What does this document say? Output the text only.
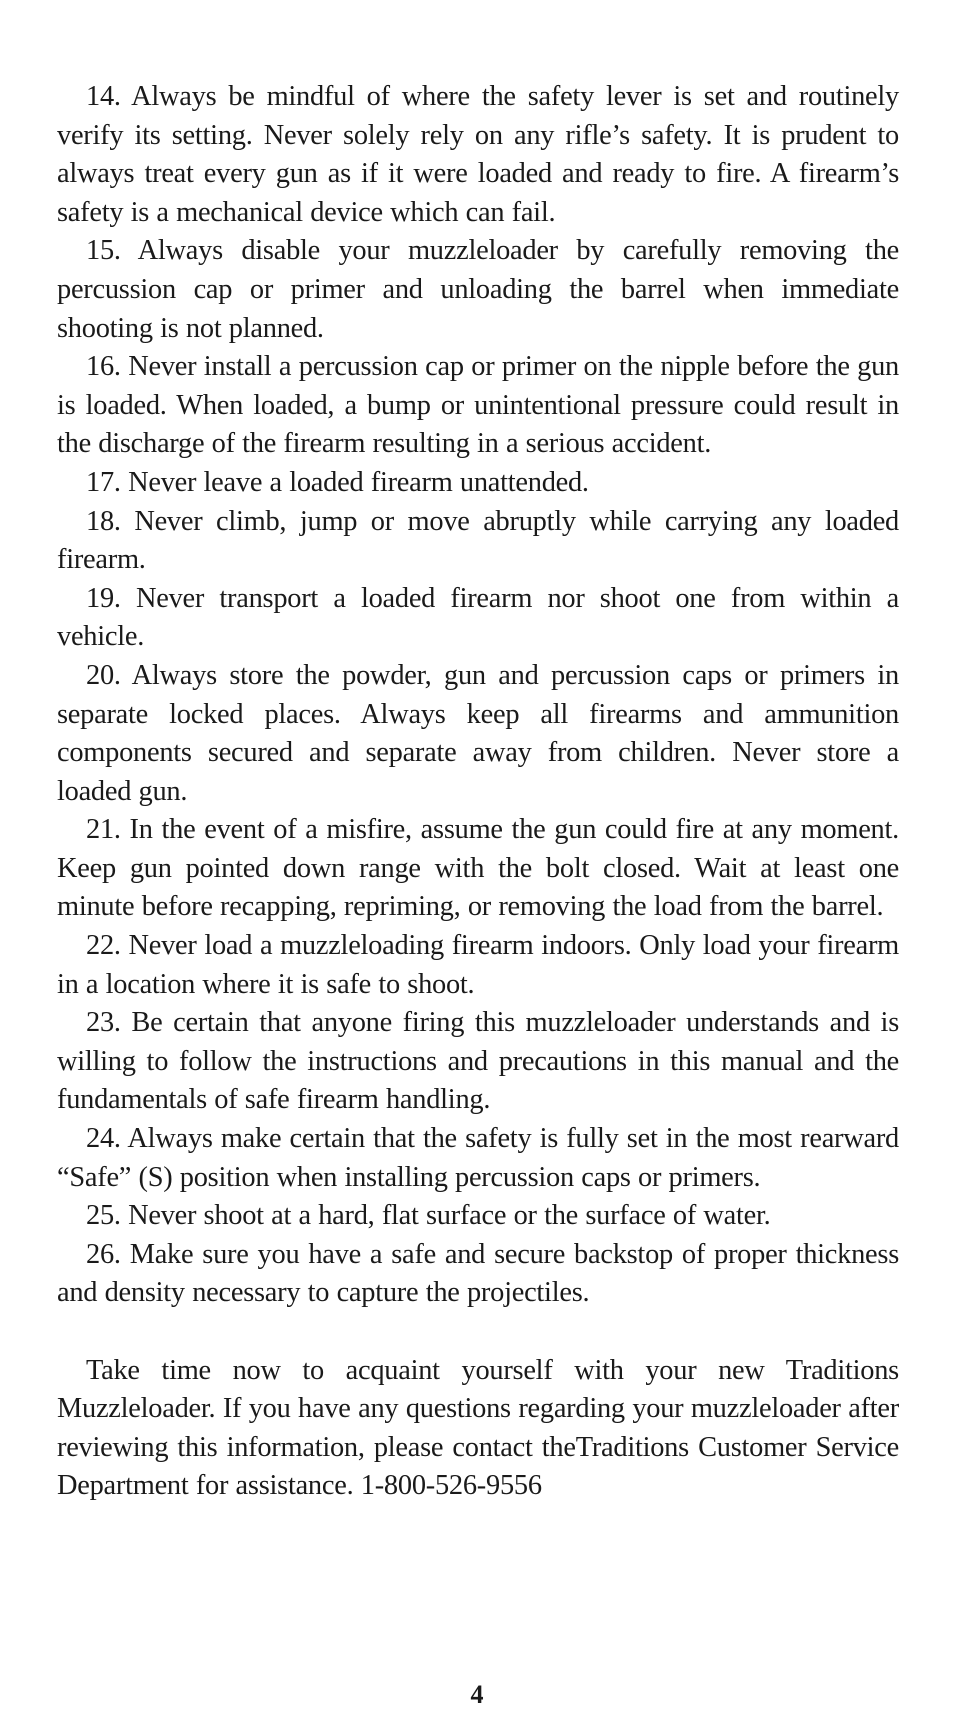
14. Always be mindful of where the safety lever is set and routinely verify its setting. Never solely rely on any rifle’s safety. It is prudent to always treat every gun as if it were loaded and ready to fire. A firearm’s safety is a mechanical device which can fail.

15. Always disable your muzzleloader by carefully removing the percussion cap or primer and unloading the barrel when immediate shooting is not planned.

16. Never install a percussion cap or primer on the nipple before the gun is loaded. When loaded, a bump or unintentional pressure could result in the discharge of the firearm resulting in a serious accident.

17. Never leave a loaded firearm unattended.

18. Never climb, jump or move abruptly while carrying any loaded firearm.

19. Never transport a loaded firearm nor shoot one from within a vehicle.

20. Always store the powder, gun and percussion caps or primers in separate locked places. Always keep all firearms and ammunition components secured and separate away from children. Never store a loaded gun.

21. In the event of a misfire, assume the gun could fire at any moment. Keep gun pointed down range with the bolt closed. Wait at least one minute before recapping, repriming, or removing the load from the barrel.

22. Never load a muzzleloading firearm indoors. Only load your firearm in a location where it is safe to shoot.

23. Be certain that anyone firing this muzzleloader understands and is willing to follow the instructions and precautions in this manual and the fundamentals of safe firearm handling.

24. Always make certain that the safety is fully set in the most rearward “Safe” (S) position when installing percussion caps or primers.

25. Never shoot at a hard, flat surface or the surface of water.

26. Make sure you have a safe and secure backstop of proper thickness and density necessary to capture the projectiles.

Take time now to acquaint yourself with your new Traditions Muzzleloader. If you have any questions regarding your muzzleloader after reviewing this information, please contact theTraditions Customer Service Department for assistance. 1-800-526-9556

4
